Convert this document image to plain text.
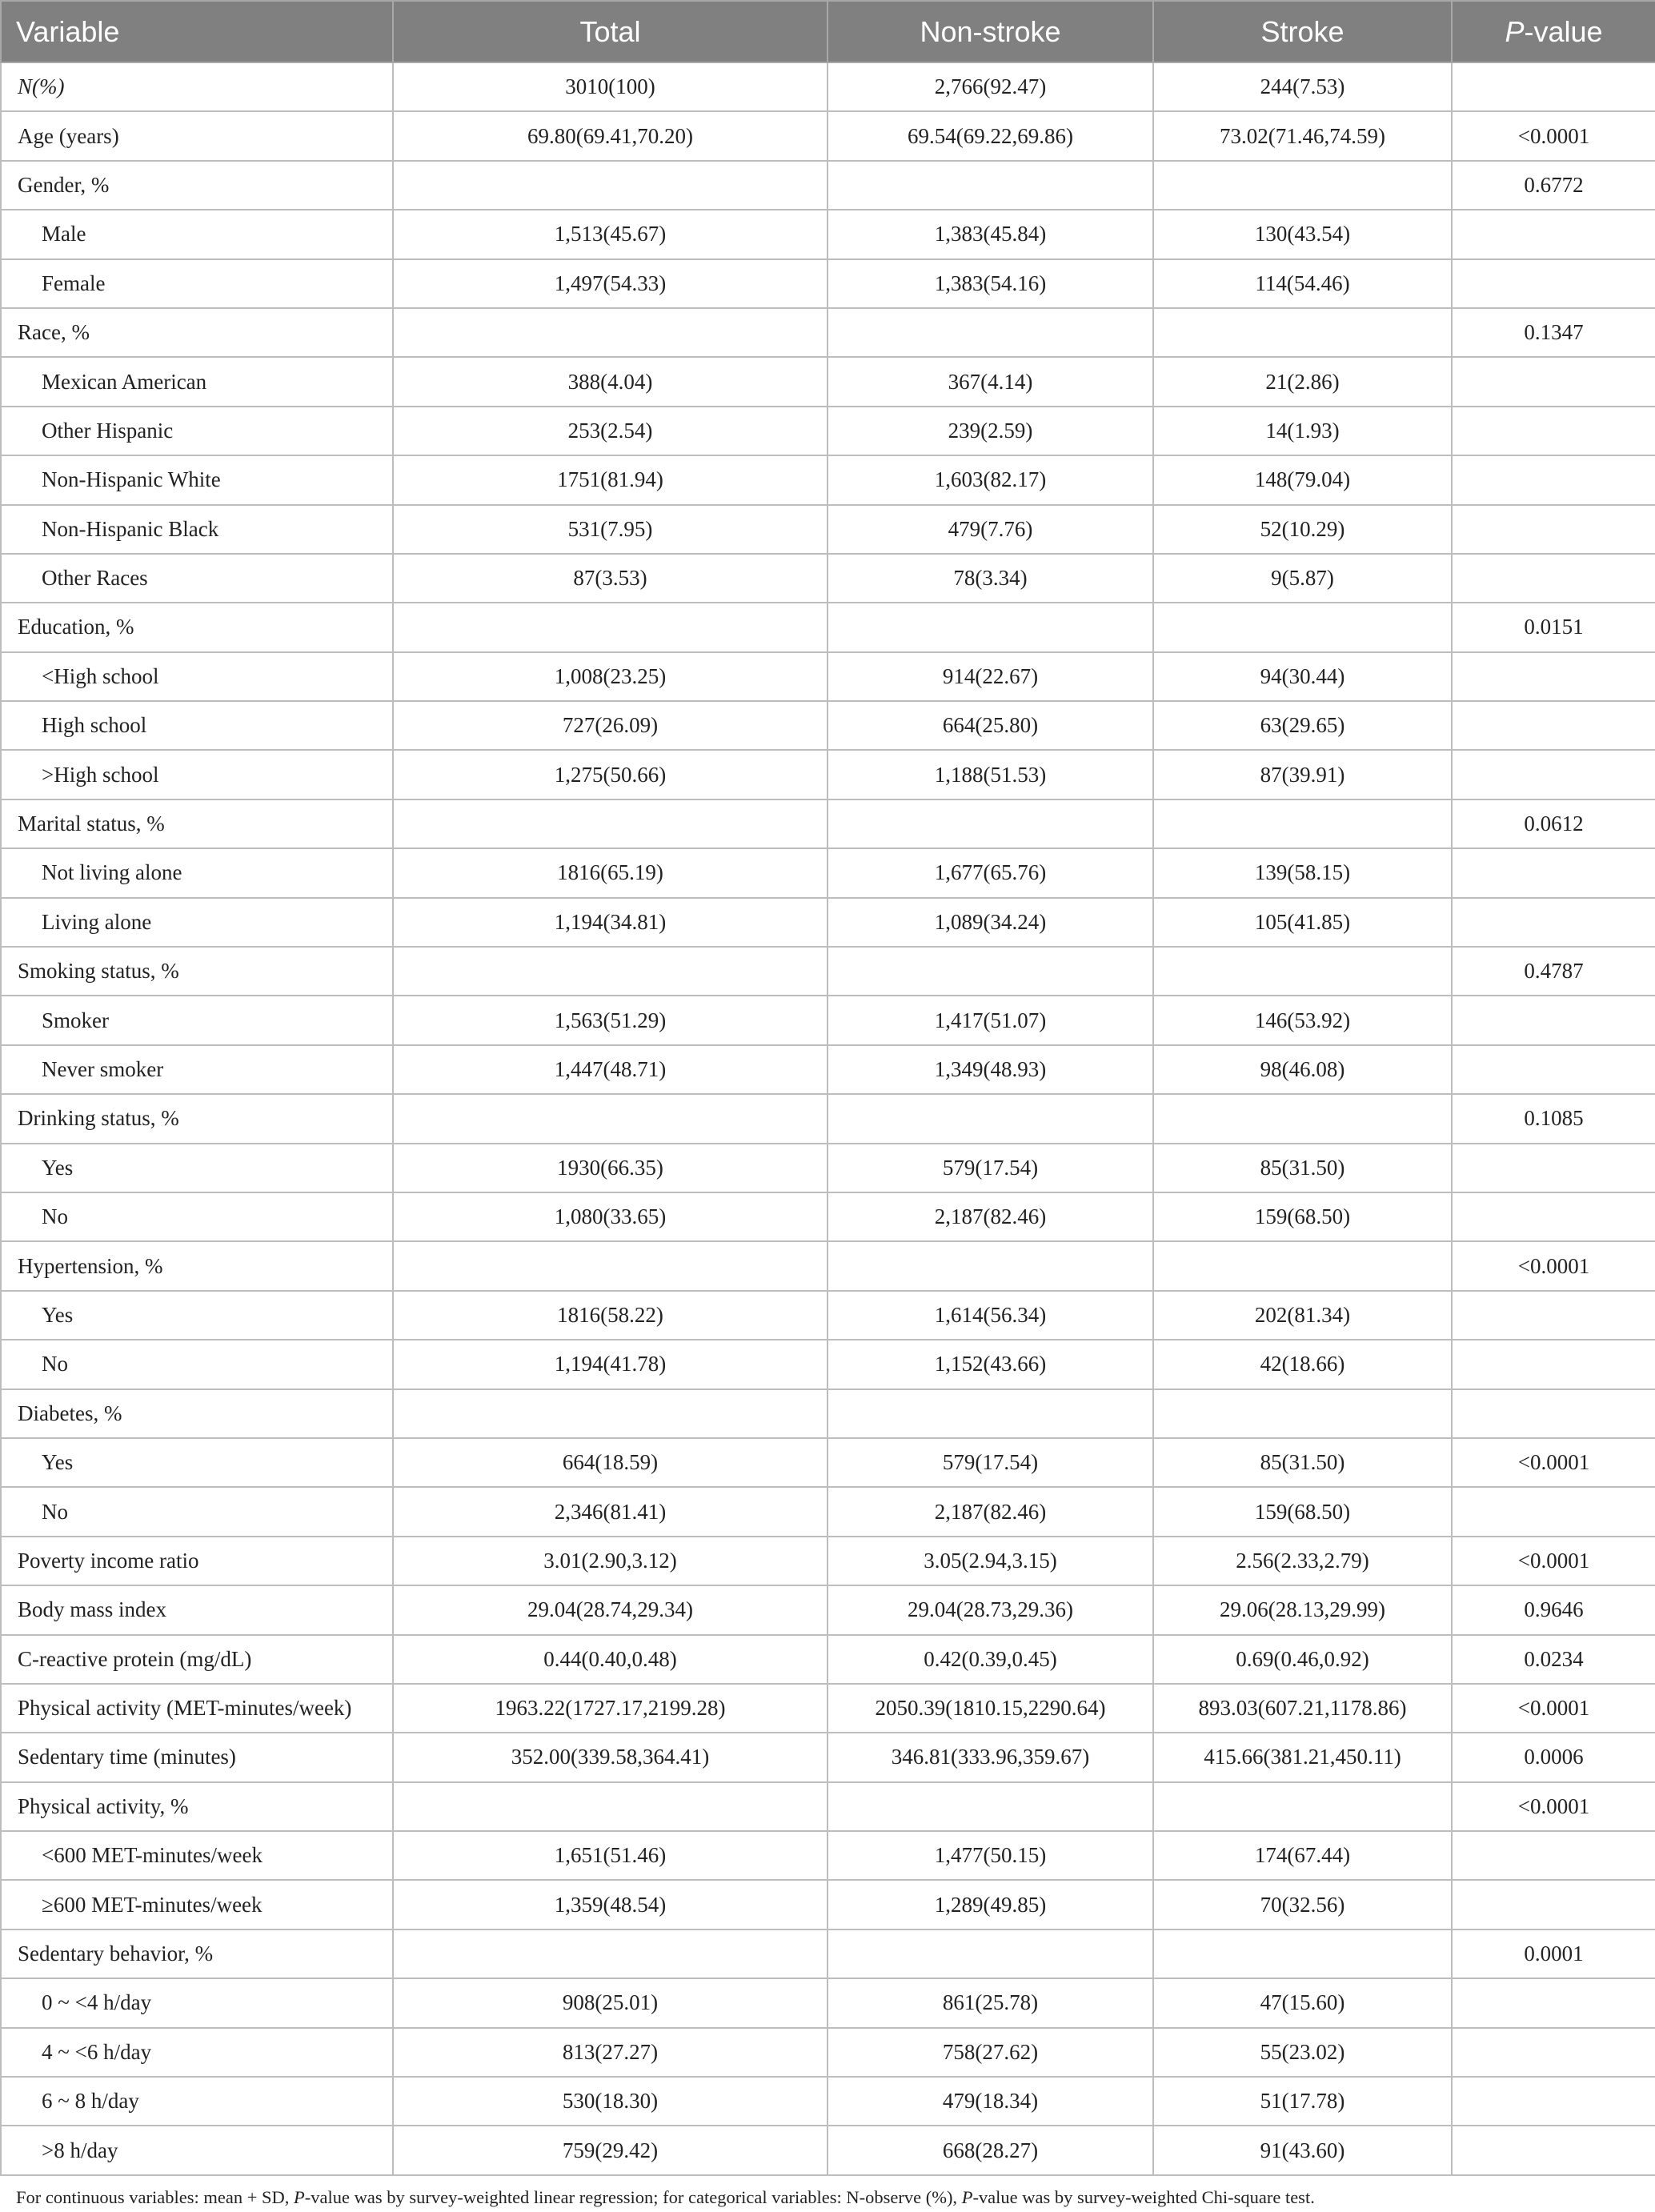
Variable	Total	Non-stroke	Stroke	P-value
N(%)	3010(100)	2,766(92.47)	244(7.53)	
Age (years)	69.80(69.41,70.20)	69.54(69.22,69.86)	73.02(71.46,74.59)	<0.0001
Gender, %				0.6772
Male	1,513(45.67)	1,383(45.84)	130(43.54)	
Female	1,497(54.33)	1,383(54.16)	114(54.46)	
Race, %				0.1347
Mexican American	388(4.04)	367(4.14)	21(2.86)	
Other Hispanic	253(2.54)	239(2.59)	14(1.93)	
Non-Hispanic White	1751(81.94)	1,603(82.17)	148(79.04)	
Non-Hispanic Black	531(7.95)	479(7.76)	52(10.29)	
Other Races	87(3.53)	78(3.34)	9(5.87)	
Education, %				0.0151
<High school	1,008(23.25)	914(22.67)	94(30.44)	
High school	727(26.09)	664(25.80)	63(29.65)	
>High school	1,275(50.66)	1,188(51.53)	87(39.91)	
Marital status, %				0.0612
Not living alone	1816(65.19)	1,677(65.76)	139(58.15)	
Living alone	1,194(34.81)	1,089(34.24)	105(41.85)	
Smoking status, %				0.4787
Smoker	1,563(51.29)	1,417(51.07)	146(53.92)	
Never smoker	1,447(48.71)	1,349(48.93)	98(46.08)	
Drinking status, %				0.1085
Yes	1930(66.35)	579(17.54)	85(31.50)	
No	1,080(33.65)	2,187(82.46)	159(68.50)	
Hypertension, %				<0.0001
Yes	1816(58.22)	1,614(56.34)	202(81.34)	
No	1,194(41.78)	1,152(43.66)	42(18.66)	
Diabetes, %				
Yes	664(18.59)	579(17.54)	85(31.50)	<0.0001
No	2,346(81.41)	2,187(82.46)	159(68.50)	
Poverty income ratio	3.01(2.90,3.12)	3.05(2.94,3.15)	2.56(2.33,2.79)	<0.0001
Body mass index	29.04(28.74,29.34)	29.04(28.73,29.36)	29.06(28.13,29.99)	0.9646
C-reactive protein (mg/dL)	0.44(0.40,0.48)	0.42(0.39,0.45)	0.69(0.46,0.92)	0.0234
Physical activity (MET-minutes/week)	1963.22(1727.17,2199.28)	2050.39(1810.15,2290.64)	893.03(607.21,1178.86)	<0.0001
Sedentary time (minutes)	352.00(339.58,364.41)	346.81(333.96,359.67)	415.66(381.21,450.11)	0.0006
Physical activity, %				<0.0001
<600 MET-minutes/week	1,651(51.46)	1,477(50.15)	174(67.44)	
≥600 MET-minutes/week	1,359(48.54)	1,289(49.85)	70(32.56)	
Sedentary behavior, %				0.0001
0 ~ <4 h/day	908(25.01)	861(25.78)	47(15.60)	
4 ~ <6 h/day	813(27.27)	758(27.62)	55(23.02)	
6 ~ 8 h/day	530(18.30)	479(18.34)	51(17.78)	
>8 h/day	759(29.42)	668(28.27)	91(43.60)	
For continuous variables: mean + SD, P-value was by survey-weighted linear regression; for categorical variables: N-observe (%), P-value was by survey-weighted Chi-square test.
